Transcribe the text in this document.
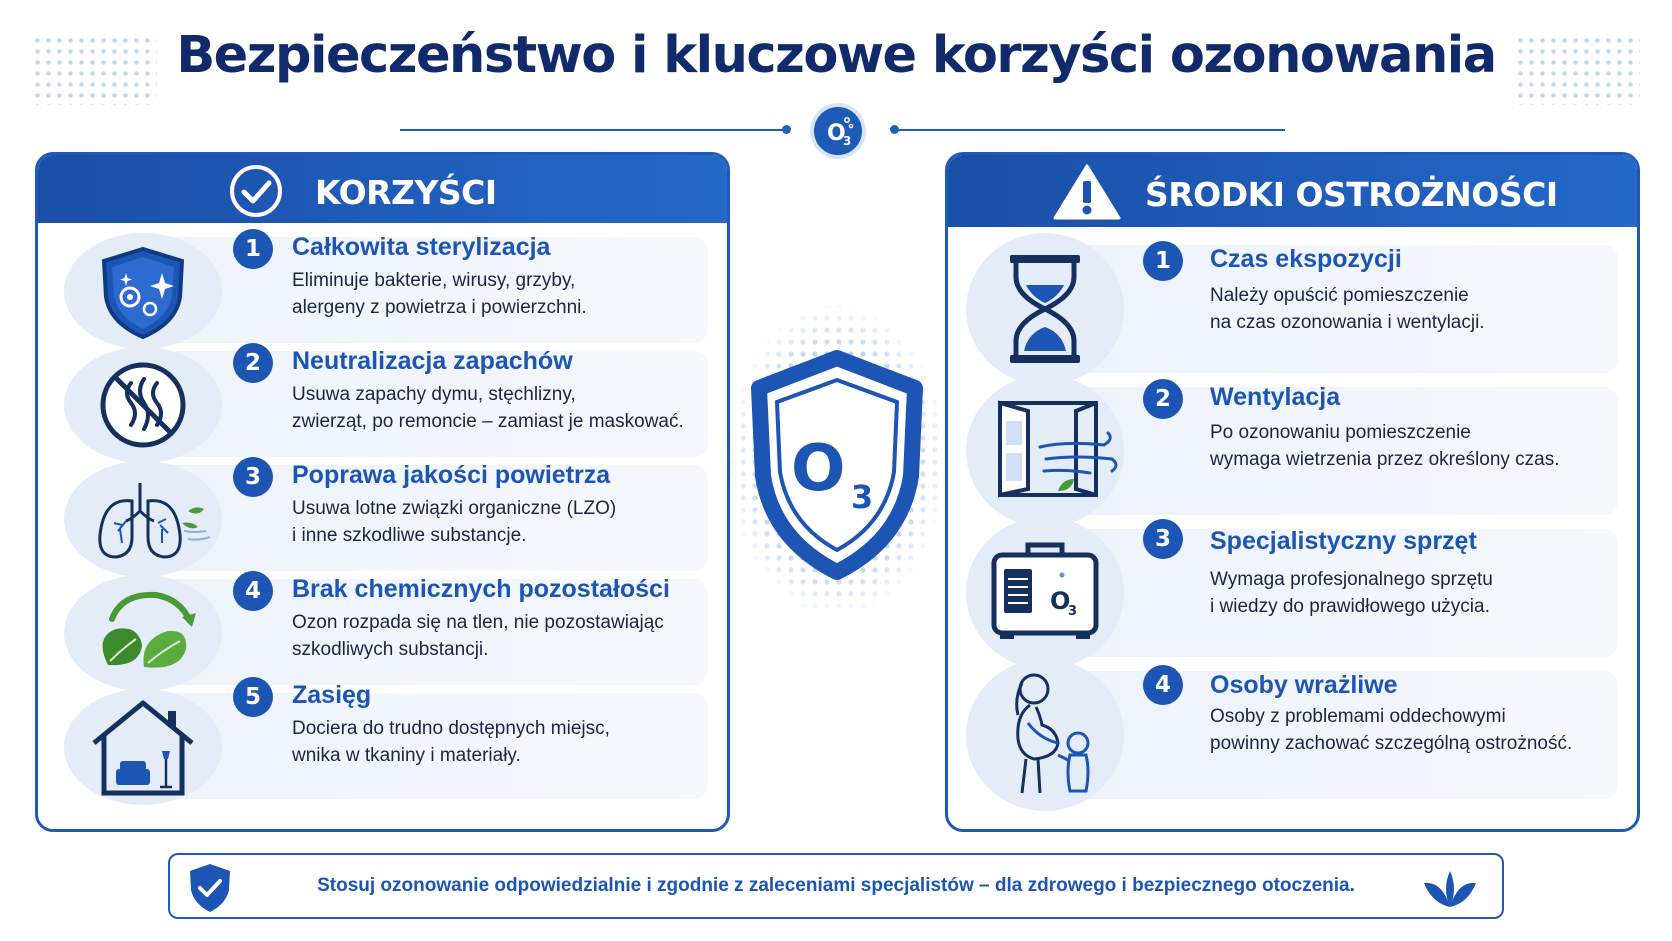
Bezpieczeństwo i kluczowe korzyści ozonowania
O
3
KORZYŚCI
1	Całkowita sterylizacja
Eliminuje bakterie, wirusy, grzyby,
alergeny z powietrza i powierzchni.
2	Neutralizacja zapachów
Usuwa zapachy dymu, stęchlizny,
zwierząt, po remoncie – zamiast je maskować.
3	Poprawa jakości powietrza
Usuwa lotne związki organiczne (LZO)
i inne szkodliwe substancje.
4	Brak chemicznych pozostałości
Ozon rozpada się na tlen, nie pozostawiając
szkodliwych substancji.
5	Zasięg
Dociera do trudno dostępnych miejsc,
wnika w tkaniny i materiały.
O 3
ŚRODKI OSTROŻNOŚCI
1	Czas ekspozycji
Należy opuścić pomieszczenie
na czas ozonowania i wentylacji.
2	Wentylacja
Po ozonowaniu pomieszczenie
wymaga wietrzenia przez określony czas.
O
3
3	Specjalistyczny sprzęt
Wymaga profesjonalnego sprzętu
i wiedzy do prawidłowego użycia.
4	Osoby wrażliwe
Osoby z problemami oddechowymi
powinny zachować szczególną ostrożność.
Stosuj ozonowanie odpowiedzialnie i zgodnie z zaleceniami specjalistów – dla zdrowego i bezpiecznego otoczenia.
